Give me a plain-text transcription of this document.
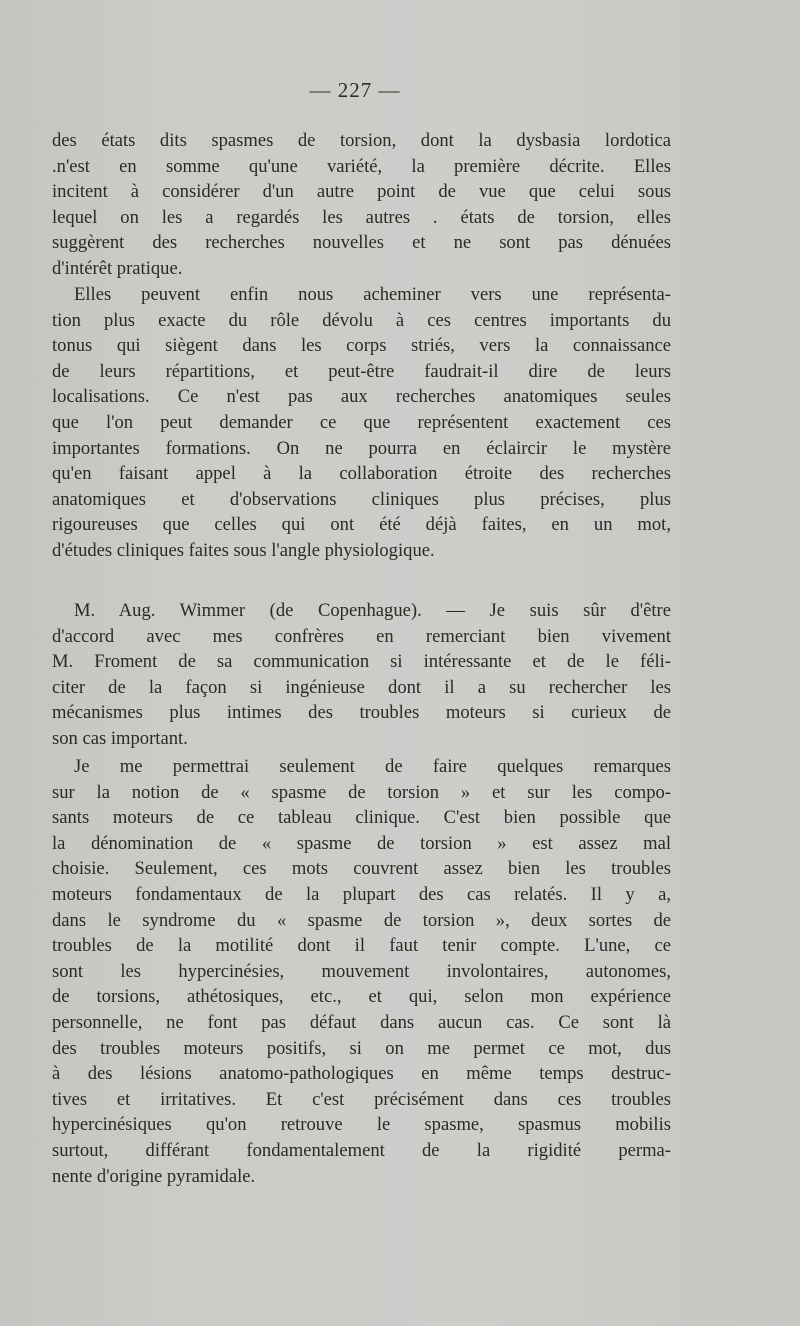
— 227 —
des états dits spasmes de torsion, dont la dysbasia lordotica
.n'est en somme qu'une variété, la première décrite. Elles
incitent à considérer d'un autre point de vue que celui sous
lequel on les a regardés les autres . états de torsion, elles
suggèrent des recherches nouvelles et ne sont pas dénuées
d'intérêt pratique.
Elles peuvent enfin nous acheminer vers une représenta-
tion plus exacte du rôle dévolu à ces centres importants du
tonus qui siègent dans les corps striés, vers la connaissance
de leurs répartitions, et peut-être faudrait-il dire de leurs
localisations. Ce n'est pas aux recherches anatomiques seules
que l'on peut demander ce que représentent exactement ces
importantes formations. On ne pourra en éclaircir le mystère
qu'en faisant appel à la collaboration étroite des recherches
anatomiques et d'observations cliniques plus précises, plus
rigoureuses que celles qui ont été déjà faites, en un mot,
d'études cliniques faites sous l'angle physiologique.
M. Aug. Wimmer (de Copenhague). — Je suis sûr d'être
d'accord avec mes confrères en remerciant bien vivement
M. Froment de sa communication si intéressante et de le féli-
citer de la façon si ingénieuse dont il a su rechercher les
mécanismes plus intimes des troubles moteurs si curieux de
son cas important.
Je me permettrai seulement de faire quelques remarques
sur la notion de « spasme de torsion » et sur les compo-
sants moteurs de ce tableau clinique. C'est bien possible que
la dénomination de « spasme de torsion » est assez mal
choisie. Seulement, ces mots couvrent assez bien les troubles
moteurs fondamentaux de la plupart des cas relatés. Il y a,
dans le syndrome du « spasme de torsion », deux sortes de
troubles de la motilité dont il faut tenir compte. L'une, ce
sont les hypercinésies, mouvement involontaires, autonomes,
de torsions, athétosiques, etc., et qui, selon mon expérience
personnelle, ne font pas défaut dans aucun cas. Ce sont là
des troubles moteurs positifs, si on me permet ce mot, dus
à des lésions anatomo-pathologiques en même temps destruc-
tives et irritatives. Et c'est précisément dans ces troubles
hypercinésiques qu'on retrouve le spasme, spasmus mobilis
surtout, différant fondamentalement de la rigidité perma-
nente d'origine pyramidale.
